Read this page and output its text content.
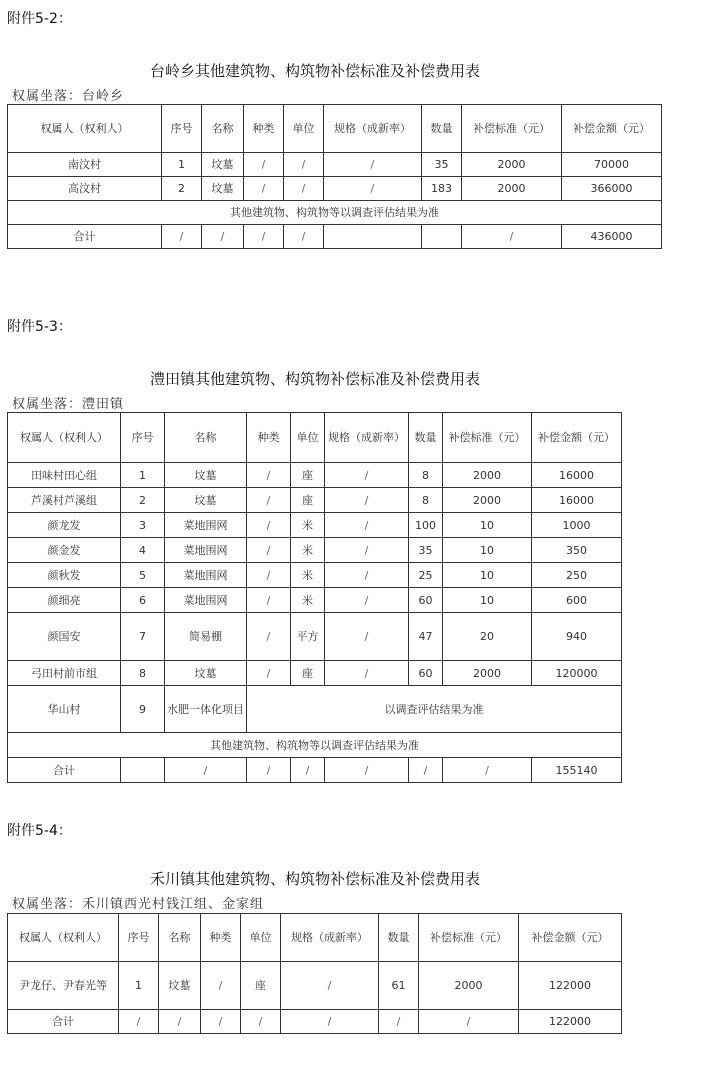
附件5-2：
台岭乡其他建筑物、构筑物补偿标准及补偿费用表
权属坐落：台岭乡
权属人（权利人）	序号	名称	种类	单位	规格（成新率）	数量	补偿标准（元）	补偿金额（元）
南汶村	1	坟墓	/	/	/	35	2000	70000
高汶村	2	坟墓	/	/	/	183	2000	366000
其他建筑物、构筑物等以调查评估结果为准								
合计	/	/	/	/			/	436000
附件5-3：
澧田镇其他建筑物、构筑物补偿标准及补偿费用表
权属坐落：澧田镇
权属人（权利人）	序号	名称	种类	单位	规格（成新率）	数量	补偿标准（元）	补偿金额（元）
田味村田心组	1	坟墓	/	座	/	8	2000	16000
芦溪村芦溪组	2	坟墓	/	座	/	8	2000	16000
颜龙发	3	菜地围网	/	米	/	100	10	1000
颜金发	4	菜地围网	/	米	/	35	10	350
颜秋发	5	菜地围网	/	米	/	25	10	250
颜细亮	6	菜地围网	/	米	/	60	10	600
颜国安	7	简易棚	/	平方	/	47	20	940
弓田村前市组	8	坟墓	/	座	/	60	2000	120000
华山村	9	水肥一体化项目	以调查评估结果为准					
其他建筑物、构筑物等以调查评估结果为准								
合计		/	/	/	/	/	/	155140
附件5-4：
禾川镇其他建筑物、构筑物补偿标准及补偿费用表
权属坐落：禾川镇西光村钱江组、金家组
权属人（权利人）	序号	名称	种类	单位	规格（成新率）	数量	补偿标准（元）	补偿金额（元）
尹龙仔、尹春光等	1	坟墓	/	座	/	61	2000	122000
合计	/	/	/	/	/	/	/	122000
